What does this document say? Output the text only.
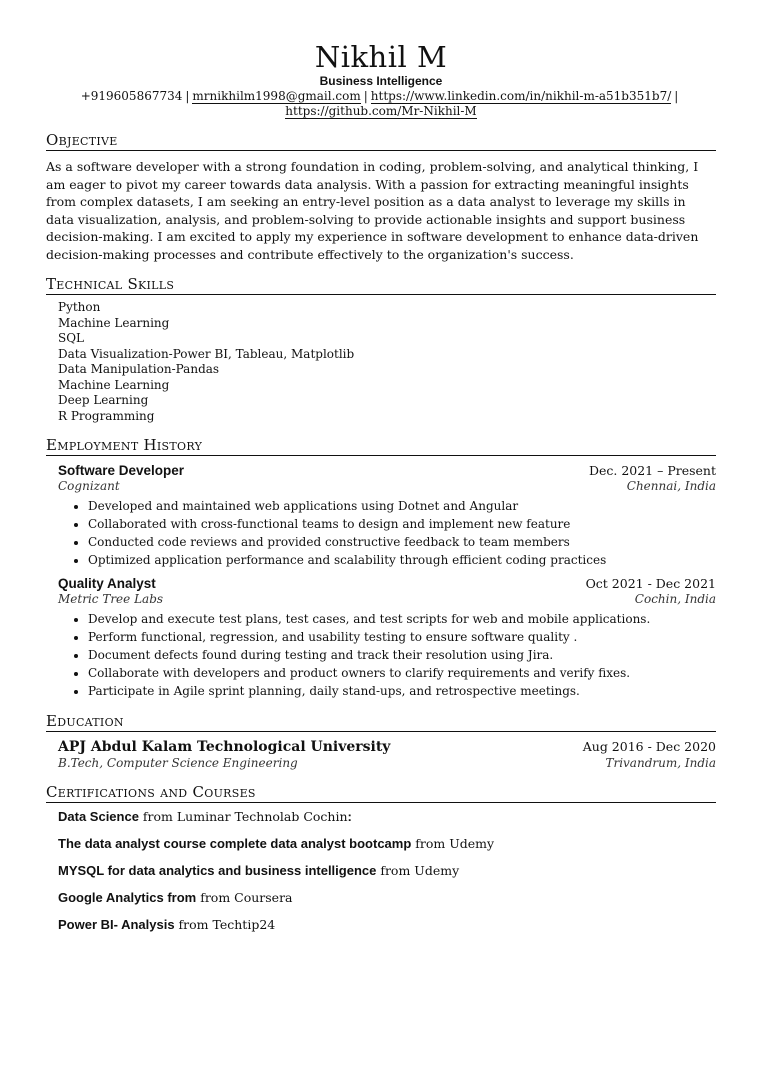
Nikhil M
Business Intelligence
+919605867734 | mrnikhilm1998@gmail.com | https://www.linkedin.com/in/nikhil-m-a51b351b7/ |
https://github.com/Mr-Nikhil-M
Objective
As a software developer with a strong foundation in coding, problem-solving, and analytical thinking, I am eager to pivot my career towards data analysis. With a passion for extracting meaningful insights from complex datasets, I am seeking an entry-level position as a data analyst to leverage my skills in data visualization, analysis, and problem-solving to provide actionable insights and support business decision-making. I am excited to apply my experience in software development to enhance data-driven decision-making processes and contribute effectively to the organization's success.
Technical Skills
Python
Machine Learning
SQL
Data Visualization-Power BI, Tableau, Matplotlib
Data Manipulation-Pandas
Machine Learning
Deep Learning
R Programming
Employment History
Software Developer	Dec. 2021 – Present
Cognizant	Chennai, India
• Developed and maintained web applications using Dotnet and Angular
• Collaborated with cross-functional teams to design and implement new feature
• Conducted code reviews and provided constructive feedback to team members
• Optimized application performance and scalability through efficient coding practices
Quality Analyst	Oct 2021 - Dec 2021
Metric Tree Labs	Cochin, India
• Develop and execute test plans, test cases, and test scripts for web and mobile applications.
• Perform functional, regression, and usability testing to ensure software quality .
• Document defects found during testing and track their resolution using Jira.
• Collaborate with developers and product owners to clarify requirements and verify fixes.
• Participate in Agile sprint planning, daily stand-ups, and retrospective meetings.
Education
APJ Abdul Kalam Technological University	Aug 2016 - Dec 2020
B.Tech, Computer Science Engineering	Trivandrum, India
Certifications and Courses
Data Science from Luminar Technolab Cochin:
The data analyst course complete data analyst bootcamp from Udemy
MYSQL for data analytics and business intelligence from Udemy
Google Analytics from from Coursera
Power BI- Analysis from Techtip24
